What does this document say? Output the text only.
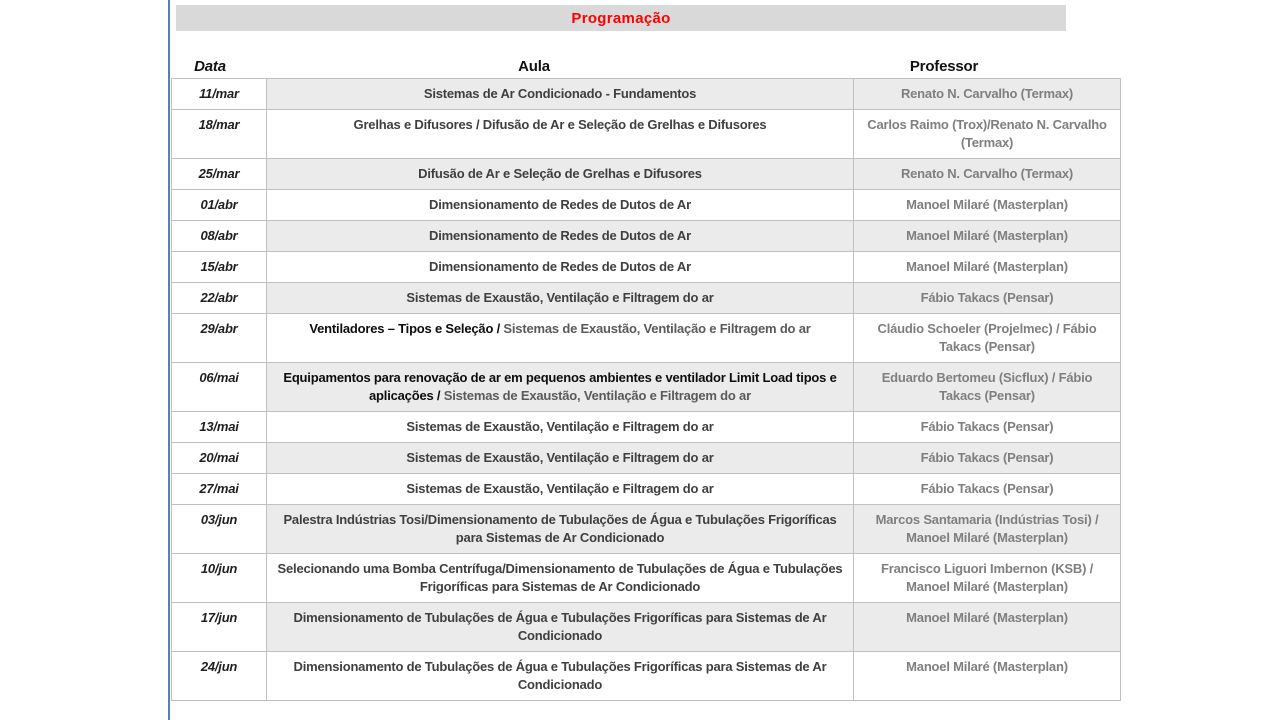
Programação
Data	Aula	Professor
11/mar	Sistemas de Ar Condicionado - Fundamentos	Renato N. Carvalho (Termax)
18/mar	Grelhas e Difusores / Difusão de Ar e Seleção de Grelhas e Difusores	Carlos Raimo (Trox)/Renato N. Carvalho (Termax)
25/mar	Difusão de Ar e Seleção de Grelhas e Difusores	Renato N. Carvalho (Termax)
01/abr	Dimensionamento de Redes de Dutos de Ar	Manoel Milaré (Masterplan)
08/abr	Dimensionamento de Redes de Dutos de Ar	Manoel Milaré (Masterplan)
15/abr	Dimensionamento de Redes de Dutos de Ar	Manoel Milaré (Masterplan)
22/abr	Sistemas de Exaustão, Ventilação e Filtragem do ar	Fábio Takacs (Pensar)
29/abr	Ventiladores – Tipos e Seleção / Sistemas de Exaustão, Ventilação e Filtragem do ar	Cláudio Schoeler (Projelmec) / Fábio Takacs (Pensar)
06/mai	Equipamentos para renovação de ar em pequenos ambientes e ventilador Limit Load tipos e aplicações / Sistemas de Exaustão, Ventilação e Filtragem do ar	Eduardo Bertomeu (Sicflux) / Fábio Takacs (Pensar)
13/mai	Sistemas de Exaustão, Ventilação e Filtragem do ar	Fábio Takacs (Pensar)
20/mai	Sistemas de Exaustão, Ventilação e Filtragem do ar	Fábio Takacs (Pensar)
27/mai	Sistemas de Exaustão, Ventilação e Filtragem do ar	Fábio Takacs (Pensar)
03/jun	Palestra Indústrias Tosi/Dimensionamento de Tubulações de Água e Tubulações Frigoríficas para Sistemas de Ar Condicionado	Marcos Santamaria (Indústrias Tosi) / Manoel Milaré (Masterplan)
10/jun	Selecionando uma Bomba Centrífuga/Dimensionamento de Tubulações de Água e Tubulações Frigoríficas para Sistemas de Ar Condicionado	Francisco Liguori Imbernon (KSB) / Manoel Milaré (Masterplan)
17/jun	Dimensionamento de Tubulações de Água e Tubulações Frigoríficas para Sistemas de Ar Condicionado	Manoel Milaré (Masterplan)
24/jun	Dimensionamento de Tubulações de Água e Tubulações Frigoríficas para Sistemas de Ar Condicionado	Manoel Milaré (Masterplan)
